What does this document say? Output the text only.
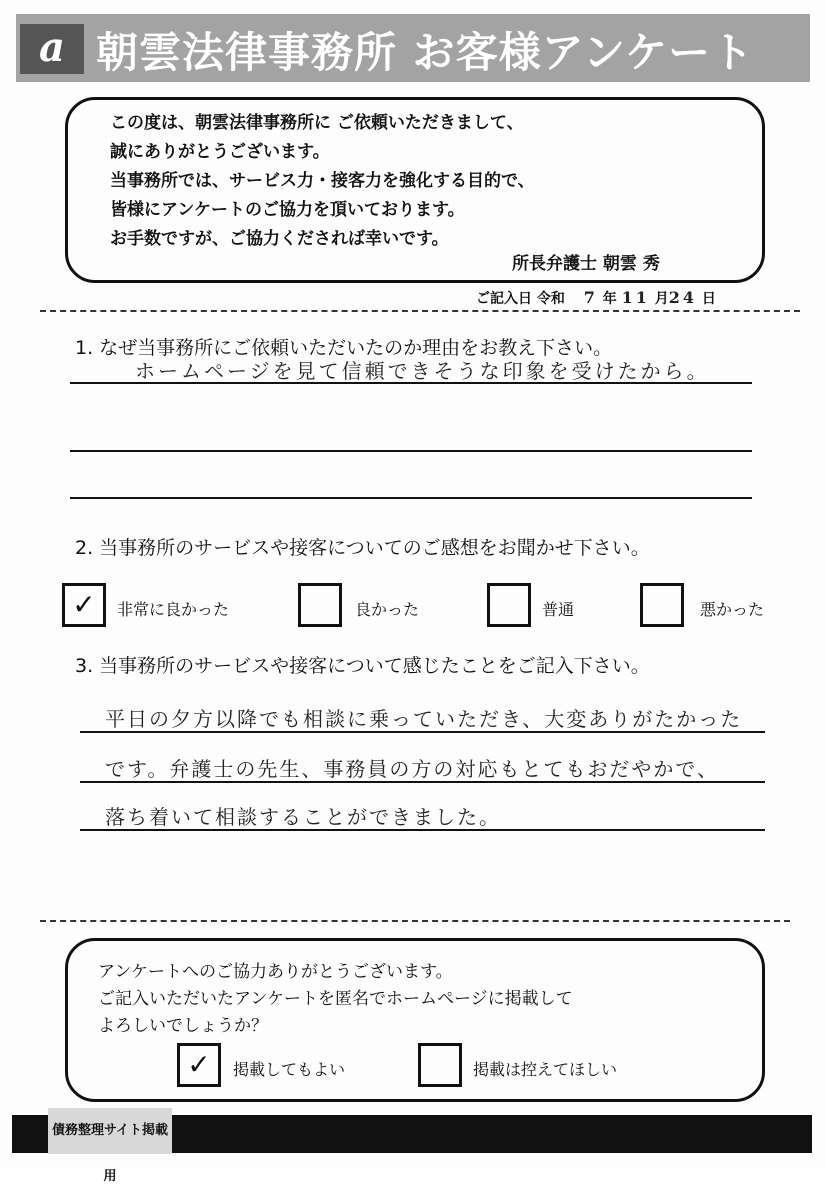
a 朝雲法律事務所 お客様アンケート
この度は、朝雲法律事務所に ご依頼いただきまして、
誠にありがとうございます。
当事務所では、サービス力・接客力を強化する目的で、
皆様にアンケートのご協力を頂いております。
お手数ですが、ご協力くだされば幸いです。
所長弁護士 朝雲 秀
ご記入日 令和 7 年 11 月24 日
1. なぜ当事務所にご依頼いただいたのか理由をお教え下さい。
ホームページを見て信頼できそうな印象を受けたから。
2. 当事務所のサービスや接客についてのご感想をお聞かせ下さい。
✓	非常に良かった	良かった	普通	悪かった
3. 当事務所のサービスや接客について感じたことをご記入下さい。
平日の夕方以降でも相談に乗っていただき、大変ありがたかった
です。弁護士の先生、事務員の方の対応もとてもおだやかで、
落ち着いて相談することができました。
アンケートへのご協力ありがとうございます。
ご記入いただいたアンケートを匿名でホームページに掲載して
よろしいでしょうか？
✓	掲載してもよい	掲載は控えてほしい
債務整理サイト掲載用
